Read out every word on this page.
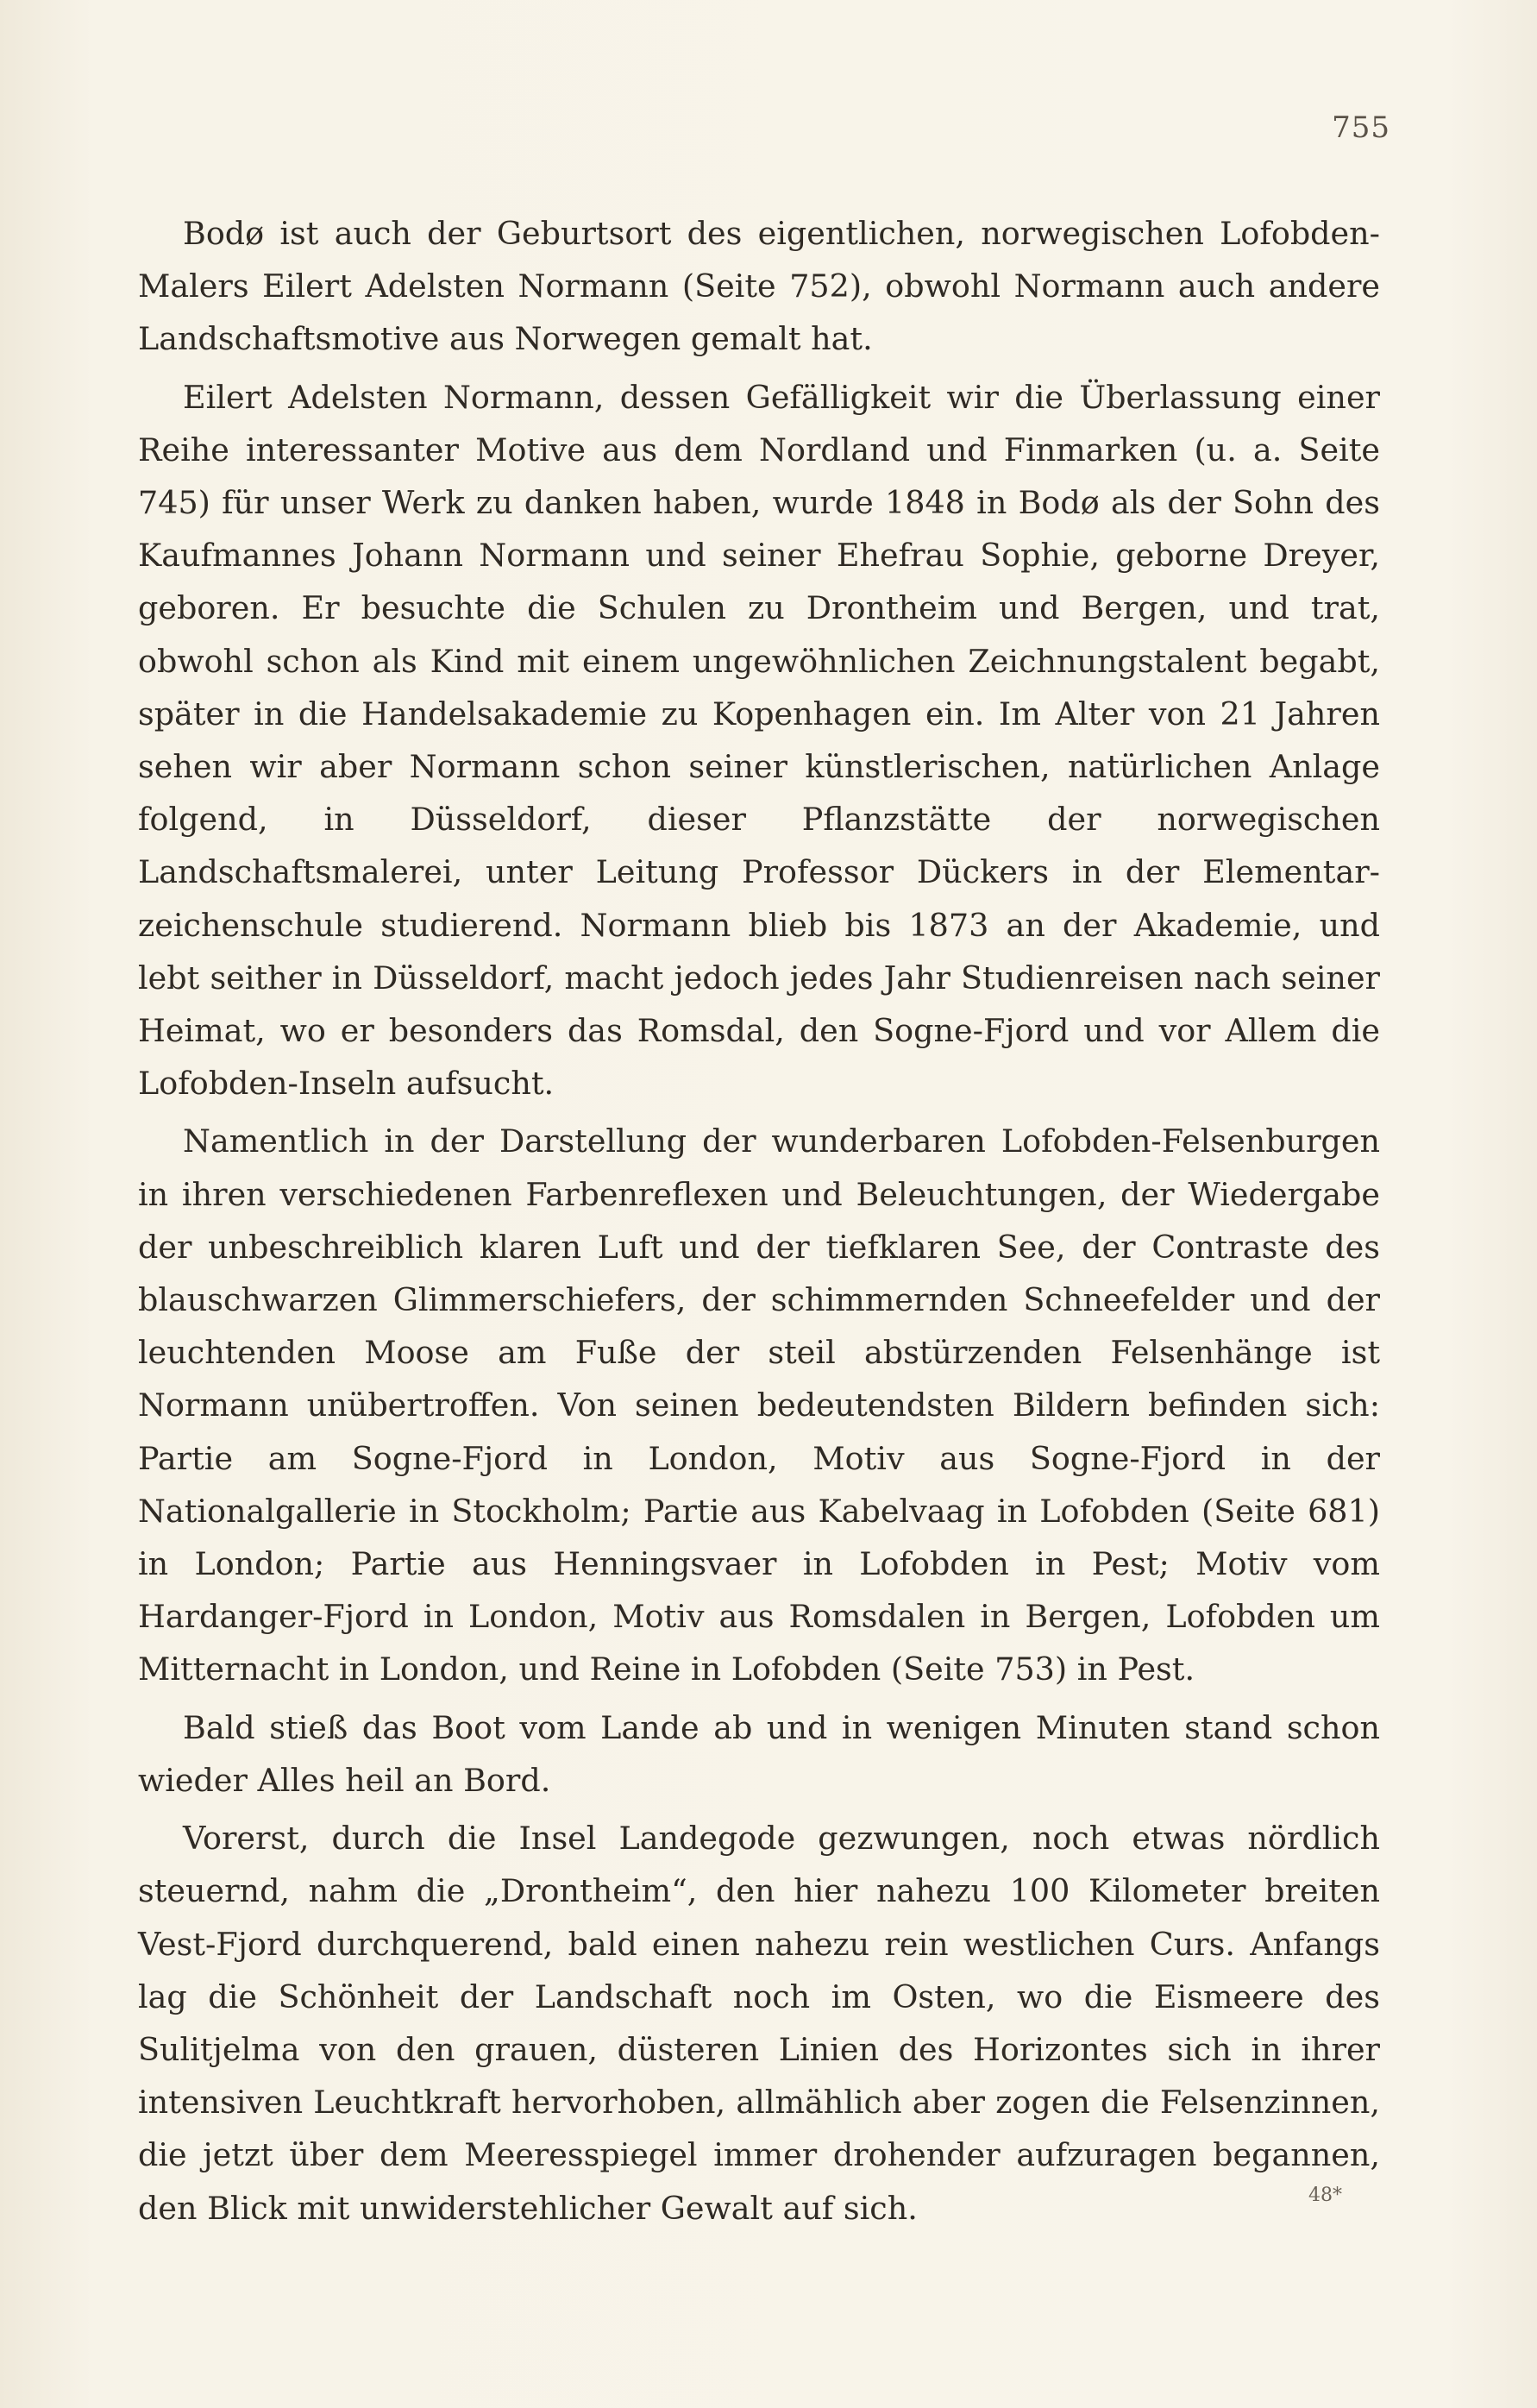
755

Bodø ist auch der Geburtsort des eigentlichen, norwegischen Lofobden-Malers Eilert Adelsten Normann (Seite 752), obwohl Normann auch andere Landschaftsmotive aus Norwegen gemalt hat.

Eilert Adelsten Normann, dessen Gefälligkeit wir die Überlassung einer Reihe interessanter Motive aus dem Nordland und Finmarken (u. a. Seite 745) für unser Werk zu danken haben, wurde 1848 in Bodø als der Sohn des Kaufmannes Johann Normann und seiner Ehefrau Sophie, geborne Dreyer, geboren. Er besuchte die Schulen zu Drontheim und Bergen, und trat, obwohl schon als Kind mit einem ungewöhnlichen Zeichnungstalent begabt, später in die Handelsakademie zu Kopenhagen ein. Im Alter von 21 Jahren sehen wir aber Normann schon seiner künstlerischen, natürlichen Anlage folgend, in Düsseldorf, dieser Pflanzstätte der norwegischen Landschaftsmalerei, unter Leitung Professor Dückers in der Elementar-zeichenschule studierend. Normann blieb bis 1873 an der Akademie, und lebt seither in Düsseldorf, macht jedoch jedes Jahr Studienreisen nach seiner Heimat, wo er besonders das Romsdal, den Sogne-Fjord und vor Allem die Lofobden-Inseln aufsucht.

Namentlich in der Darstellung der wunderbaren Lofobden-Felsenburgen in ihren verschiedenen Farbenreflexen und Beleuchtungen, der Wiedergabe der unbeschreiblich klaren Luft und der tiefklaren See, der Contraste des blauschwarzen Glimmerschiefers, der schimmernden Schneefelder und der leuchtenden Moose am Fuße der steil abstürzenden Felsenhänge ist Normann unübertroffen. Von seinen bedeutendsten Bildern befinden sich: Partie am Sogne-Fjord in London, Motiv aus Sogne-Fjord in der Nationalgallerie in Stockholm; Partie aus Kabelvaag in Lofobden (Seite 681) in London; Partie aus Henningsvaer in Lofobden in Pest; Motiv vom Hardanger-Fjord in London, Motiv aus Romsdalen in Bergen, Lofobden um Mitternacht in London, und Reine in Lofobden (Seite 753) in Pest.

Bald stieß das Boot vom Lande ab und in wenigen Minuten stand schon wieder Alles heil an Bord.

Vorerst, durch die Insel Landegode gezwungen, noch etwas nördlich steuernd, nahm die „Drontheim“, den hier nahezu 100 Kilometer breiten Vest-Fjord durchquerend, bald einen nahezu rein westlichen Curs. Anfangs lag die Schönheit der Landschaft noch im Osten, wo die Eismeere des Sulitjelma von den grauen, düsteren Linien des Horizontes sich in ihrer intensiven Leuchtkraft hervorhoben, allmählich aber zogen die Felsenzinnen, die jetzt über dem Meeresspiegel immer drohender aufzuragen begannen, den Blick mit unwiderstehlicher Gewalt auf sich.	48*
